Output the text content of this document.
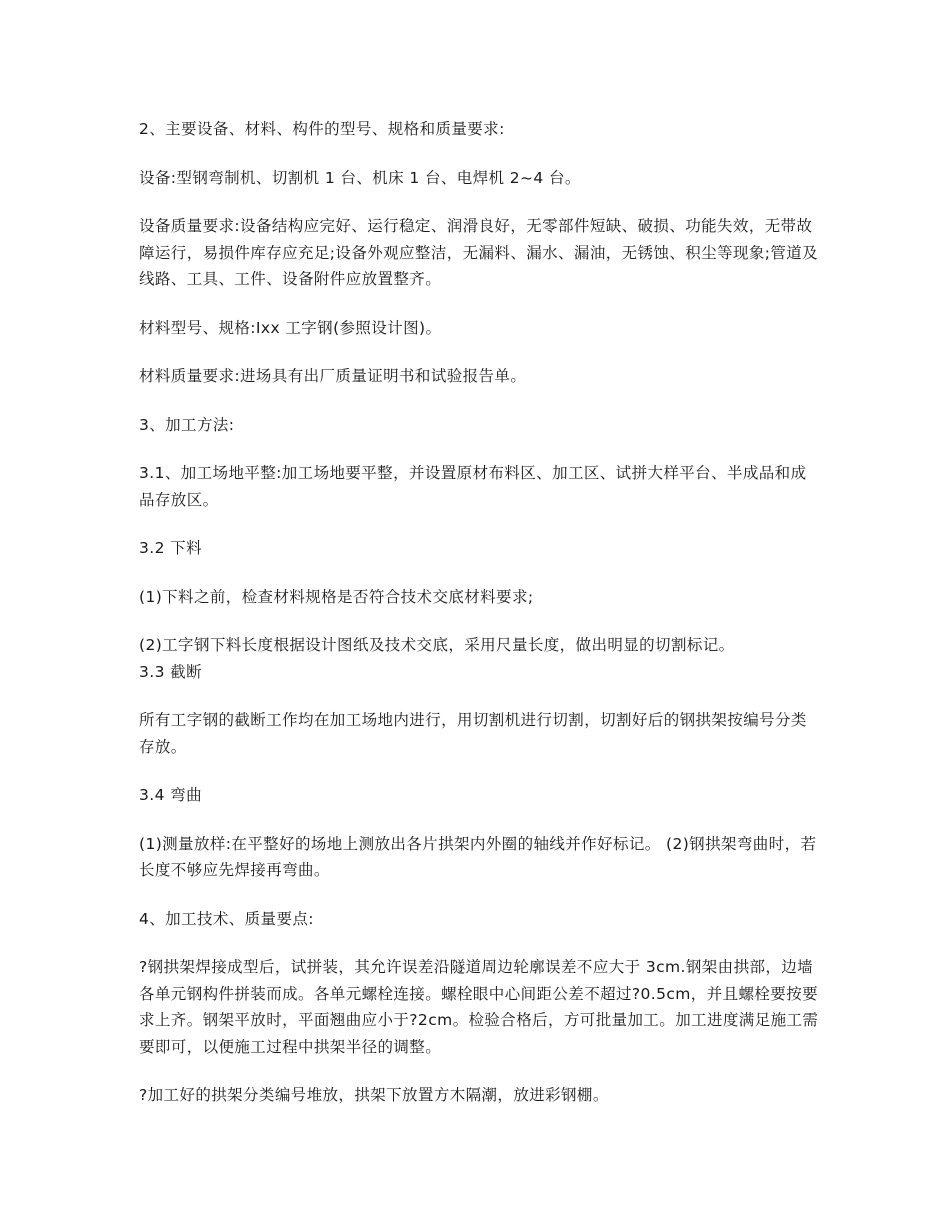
2、主要设备、材料、构件的型号、规格和质量要求:

设备:型钢弯制机、切割机 1 台、机床 1 台、电焊机 2~4 台。

设备质量要求:设备结构应完好、运行稳定、润滑良好，无零部件短缺、破损、功能失效，无带故障运行，易损件库存应充足;设备外观应整洁，无漏料、漏水、漏油，无锈蚀、积尘等现象;管道及线路、工具、工件、设备附件应放置整齐。

材料型号、规格:Ixx 工字钢(参照设计图)。

材料质量要求:进场具有出厂质量证明书和试验报告单。

3、加工方法:

3.1、加工场地平整:加工场地要平整，并设置原材布料区、加工区、试拼大样平台、半成品和成品存放区。

3.2 下料

(1)下料之前，检查材料规格是否符合技术交底材料要求;

(2)工字钢下料长度根据设计图纸及技术交底，采用尺量长度，做出明显的切割标记。

3.3 截断

所有工字钢的截断工作均在加工场地内进行，用切割机进行切割，切割好后的钢拱架按编号分类存放。

3.4 弯曲

(1)测量放样:在平整好的场地上测放出各片拱架内外圈的轴线并作好标记。 (2)钢拱架弯曲时，若长度不够应先焊接再弯曲。

4、加工技术、质量要点:

?钢拱架焊接成型后，试拼装，其允许误差沿隧道周边轮廓误差不应大于 3cm.钢架由拱部，边墙各单元钢构件拼装而成。各单元螺栓连接。螺栓眼中心间距公差不超过?0.5cm，并且螺栓要按要求上齐。钢架平放时，平面翘曲应小于?2cm。检验合格后，方可批量加工。加工进度满足施工需要即可，以便施工过程中拱架半径的调整。

?加工好的拱架分类编号堆放，拱架下放置方木隔潮，放进彩钢棚。
